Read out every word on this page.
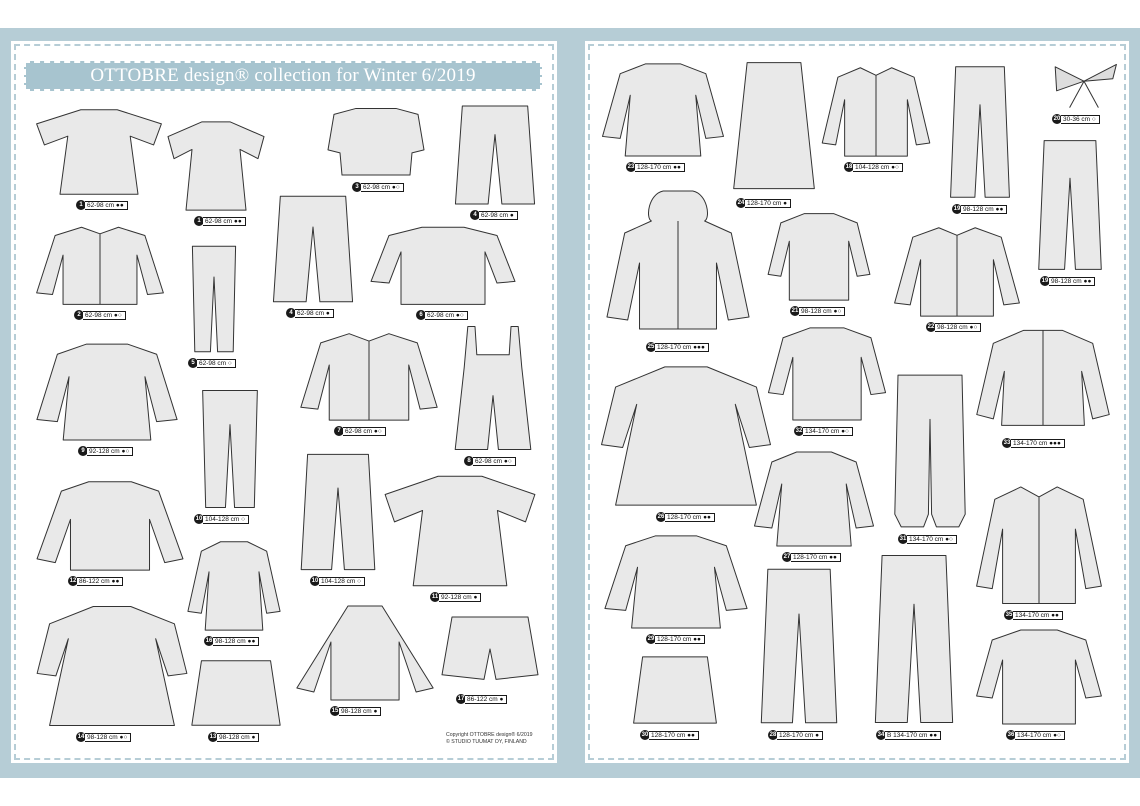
OTTOBRE design® collection for Winter 6/2019
Copyright OTTOBRE design® 6/2019
© STUDIO TUUMAT OY, FINLAND
1 62-98 cm ●●
1 62-98 cm ●●
3 62-98 cm ●○
4 62-98 cm ●
2 62-98 cm ●○	4 62-98 cm ●	6 62-98 cm ●○
5 62-98 cm ○
9 92-128 cm ●○
7 62-98 cm ●○
8 62-98 cm ●○
10 104-128 cm ○
12 86-122 cm ●●	10 104-128 cm ○
11 92-128 cm ●
16 98-128 cm ●●
14 98-128 cm ●○	13 98-128 cm ●
15 98-128 cm ●
17 86-122 cm ●
23 128-170 cm ●●
24 128-170 cm ●
18 104-128 cm ●○
19 98-128 cm ●●
20 30-36 cm ○
19 98-128 cm ●●
25 128-170 cm ●●●
21 98-128 cm ●○
22 98-128 cm ●○
32 134-170 cm ●○
33 134-170 cm ●●●
26 128-170 cm ●●
31 134-170 cm ●○
27 128-170 cm ●●
35 134-170 cm ●●
29 128-170 cm ●●
30 128-170 cm ●●	28 128-170 cm ●	34 B 134-170 cm ●●	36 134-170 cm ●○
